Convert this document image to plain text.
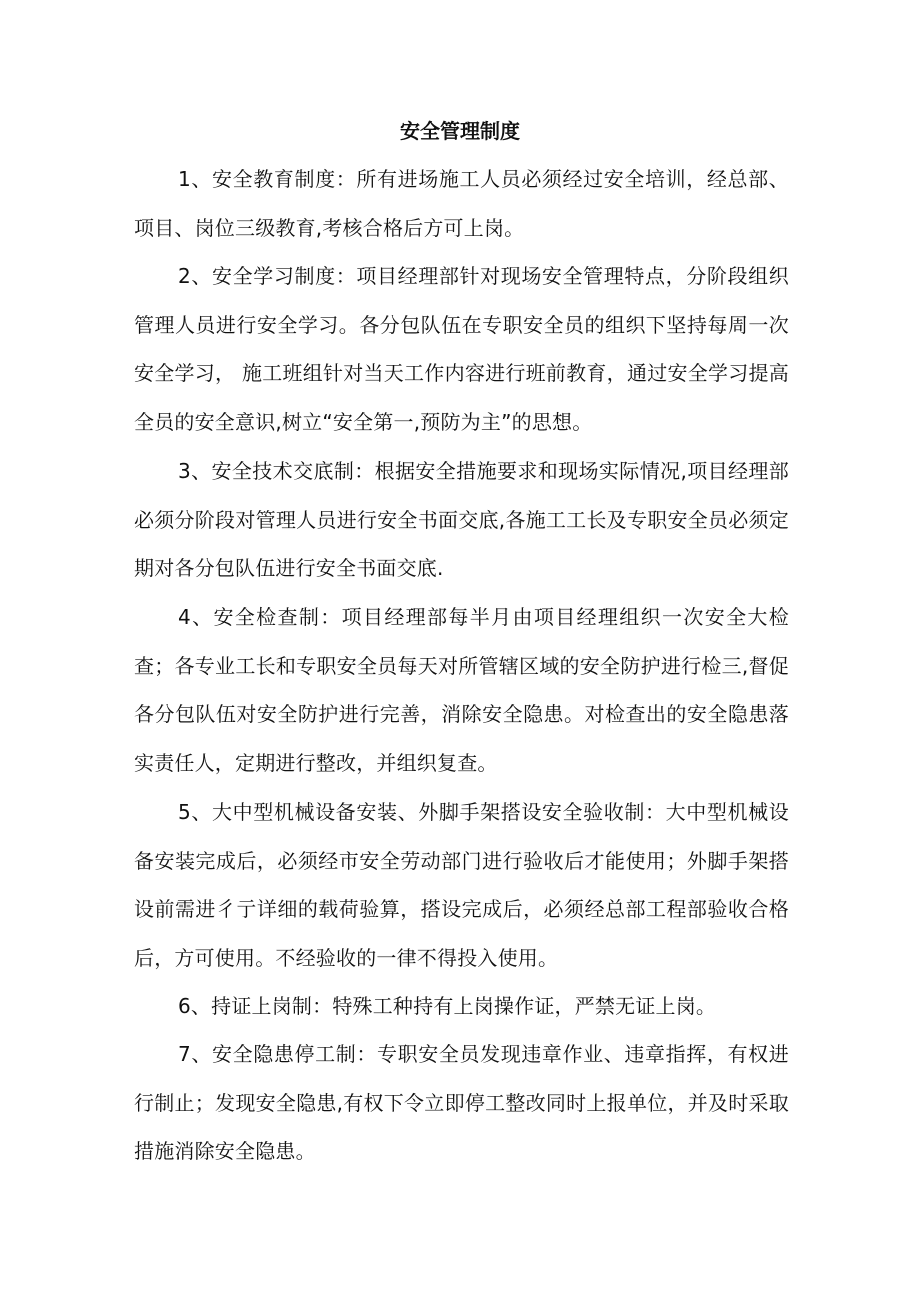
安全管理制度

1、安全教育制度：所有进场施工人员必须经过安全培训，经总部、项目、岗位三级教育,考核合格后方可上岗。

2、安全学习制度：项目经理部针对现场安全管理特点，分阶段组织管理人员进行安全学习。各分包队伍在专职安全员的组织下坚持每周一次安全学习， 施工班组针对当天工作内容进行班前教育，通过安全学习提高全员的安全意识,树立“安全第一,预防为主”的思想。

3、安全技术交底制：根据安全措施要求和现场实际情况,项目经理部必须分阶段对管理人员进行安全书面交底,各施工工长及专职安全员必须定期对各分包队伍进行安全书面交底.

4、安全检查制：项目经理部每半月由项目经理组织一次安全大检查；各专业工长和专职安全员每天对所管辖区域的安全防护进行检三,督促各分包队伍对安全防护进行完善，消除安全隐患。对检查出的安全隐患落实责任人，定期进行整改，并组织复查。

5、大中型机械设备安装、外脚手架搭设安全验收制：大中型机械设备安装完成后，必须经市安全劳动部门进行验收后才能使用；外脚手架搭设前需进彳亍详细的载荷验算，搭设完成后，必须经总部工程部验收合格后，方可使用。不经验收的一律不得投入使用。

6、持证上岗制：特殊工种持有上岗操作证，严禁无证上岗。

7、安全隐患停工制：专职安全员发现违章作业、违章指挥，有权进行制止；发现安全隐患,有权下令立即停工整改同时上报单位，并及时采取措施消除安全隐患。
